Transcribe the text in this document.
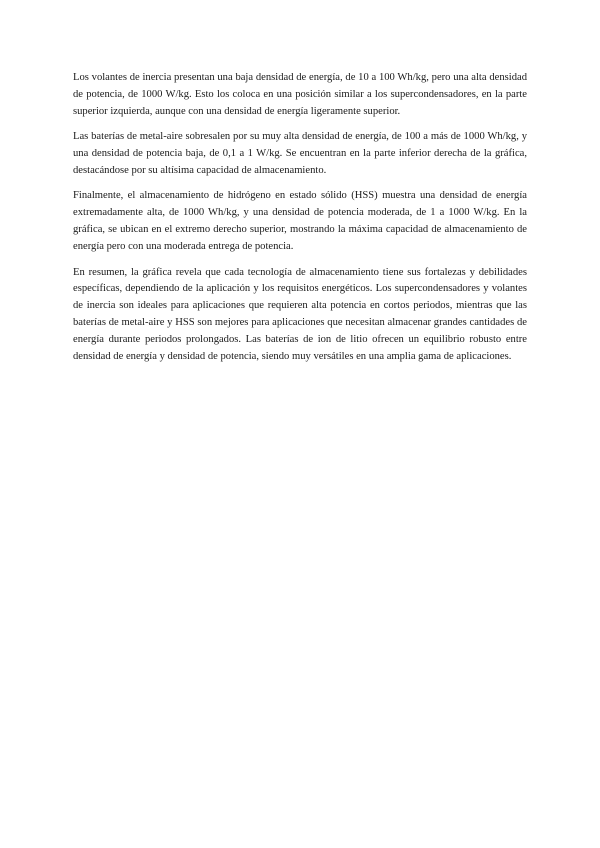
Los volantes de inercia presentan una baja densidad de energía, de 10 a 100 Wh/kg, pero una alta densidad de potencia, de 1000 W/kg. Esto los coloca en una posición similar a los supercondensadores, en la parte superior izquierda, aunque con una densidad de energía ligeramente superior.

Las baterías de metal-aire sobresalen por su muy alta densidad de energía, de 100 a más de 1000 Wh/kg, y una densidad de potencia baja, de 0,1 a 1 W/kg. Se encuentran en la parte inferior derecha de la gráfica, destacándose por su altísima capacidad de almacenamiento.

Finalmente, el almacenamiento de hidrógeno en estado sólido (HSS) muestra una densidad de energía extremadamente alta, de 1000 Wh/kg, y una densidad de potencia moderada, de 1 a 1000 W/kg. En la gráfica, se ubican en el extremo derecho superior, mostrando la máxima capacidad de almacenamiento de energía pero con una moderada entrega de potencia.

En resumen, la gráfica revela que cada tecnología de almacenamiento tiene sus fortalezas y debilidades específicas, dependiendo de la aplicación y los requisitos energéticos. Los supercondensadores y volantes de inercia son ideales para aplicaciones que requieren alta potencia en cortos periodos, mientras que las baterías de metal-aire y HSS son mejores para aplicaciones que necesitan almacenar grandes cantidades de energía durante periodos prolongados. Las baterías de ion de litio ofrecen un equilibrio robusto entre densidad de energía y densidad de potencia, siendo muy versátiles en una amplia gama de aplicaciones.
